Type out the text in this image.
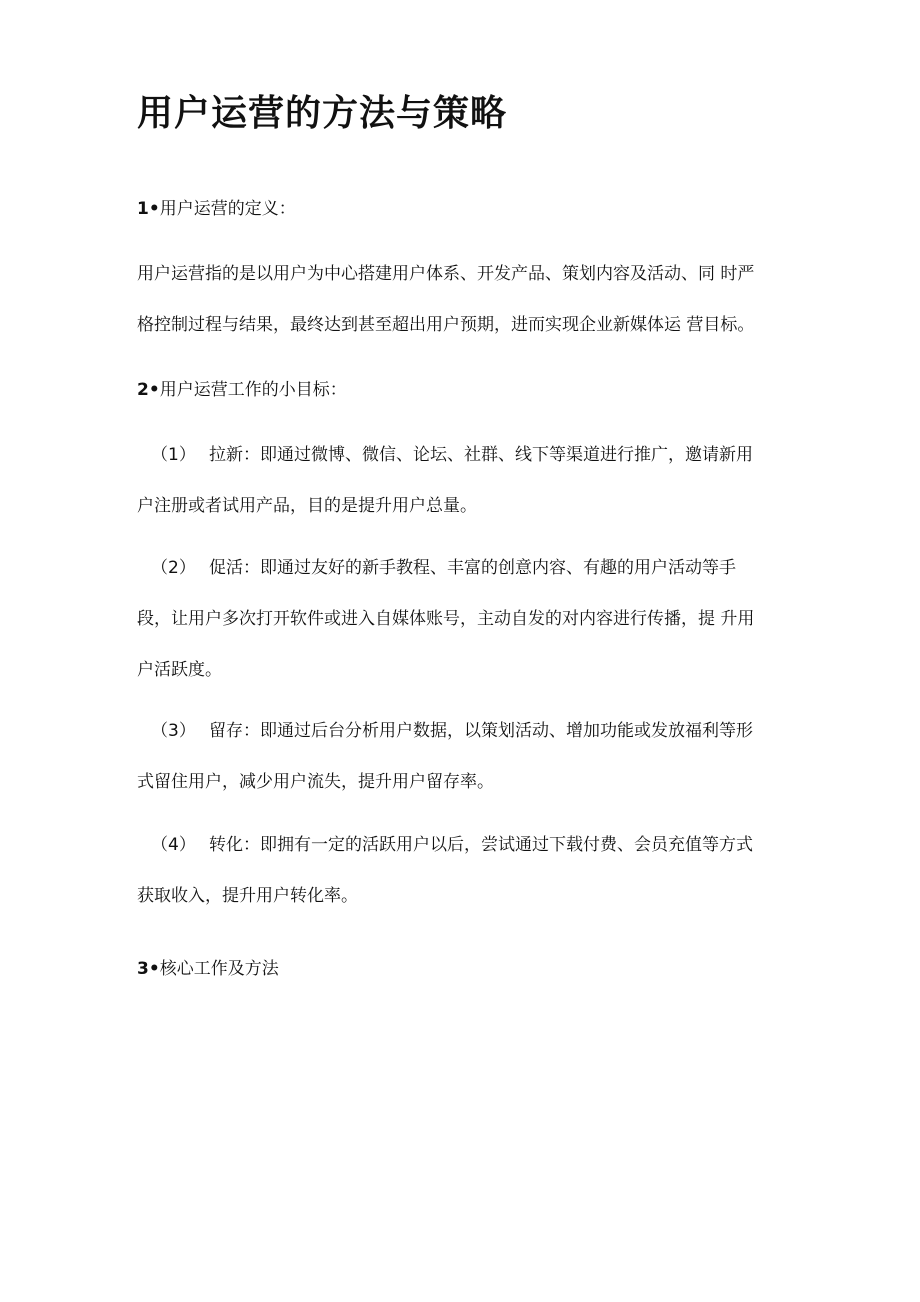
用户运营的方法与策略
1•用户运营的定义：
用户运营指的是以用户为中心搭建用户体系、开发产品、策划内容及活动、同 时严
格控制过程与结果，最终达到甚至超出用户预期，进而实现企业新媒体运 营目标。
2•用户运营工作的小目标：
（1） 拉新：即通过微博、微信、论坛、社群、线下等渠道进行推广，邀请新用
户注册或者试用产品，目的是提升用户总量。
（2） 促活：即通过友好的新手教程、丰富的创意内容、有趣的用户活动等手
段，让用户多次打开软件或进入自媒体账号，主动自发的对内容进行传播，提 升用
户活跃度。
（3） 留存：即通过后台分析用户数据，以策划活动、增加功能或发放福利等形
式留住用户，减少用户流失，提升用户留存率。
（4） 转化：即拥有一定的活跃用户以后，尝试通过下载付费、会员充值等方式
获取收入，提升用户转化率。
3•核心工作及方法
